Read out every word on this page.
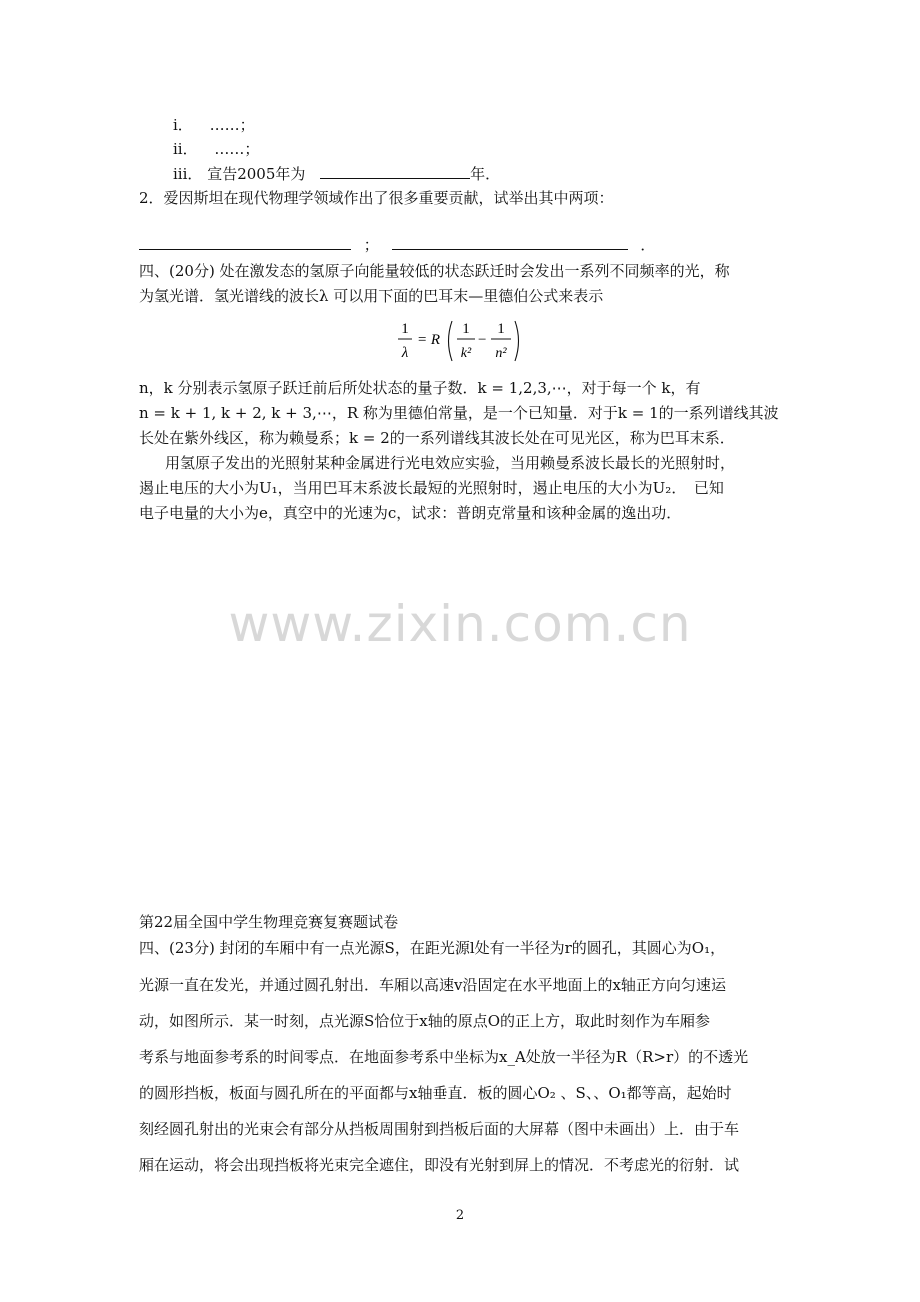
i． ……；
ii． ……；
iii． 宣告2005年为	年．
2．爱因斯坦在现代物理学领域作出了很多重要贡献，试举出其中两项：
；	．
四、(20分) 处在激发态的氢原子向能量较低的状态跃迁时会发出一系列不同频率的光，称
为氢光谱．氢光谱线的波长λ 可以用下面的巴耳末—里德伯公式来表示
1
λ
= R
1
k²
−
1
n²
n，k 分别表示氢原子跃迁前后所处状态的量子数．k = 1,2,3,⋯，对于每一个 k，有
n = k + 1, k + 2, k + 3,⋯，R 称为里德伯常量，是一个已知量．对于k = 1的一系列谱线其波
长处在紫外线区，称为赖曼系；k = 2的一系列谱线其波长处在可见光区，称为巴耳末系．
用氢原子发出的光照射某种金属进行光电效应实验，当用赖曼系波长最长的光照射时，
遏止电压的大小为U₁，当用巴耳末系波长最短的光照射时，遏止电压的大小为U₂．　已知
电子电量的大小为e，真空中的光速为c，试求：普朗克常量和该种金属的逸出功．
www.zixin.com.cn
第22届全国中学生物理竞赛复赛题试卷
四、(23分) 封闭的车厢中有一点光源S，在距光源l处有一半径为r的圆孔，其圆心为O₁，
光源一直在发光，并通过圆孔射出．车厢以高速v沿固定在水平地面上的x轴正方向匀速运
动，如图所示．某一时刻，点光源S恰位于x轴的原点O的正上方，取此时刻作为车厢参
考系与地面参考系的时间零点．在地面参考系中坐标为x_A处放一半径为R（R>r）的不透光
的圆形挡板，板面与圆孔所在的平面都与x轴垂直．板的圆心O₂ 、S、、O₁都等高，起始时
刻经圆孔射出的光束会有部分从挡板周围射到挡板后面的大屏幕（图中未画出）上．由于车
厢在运动，将会出现挡板将光束完全遮住，即没有光射到屏上的情况．不考虑光的衍射．试
2
